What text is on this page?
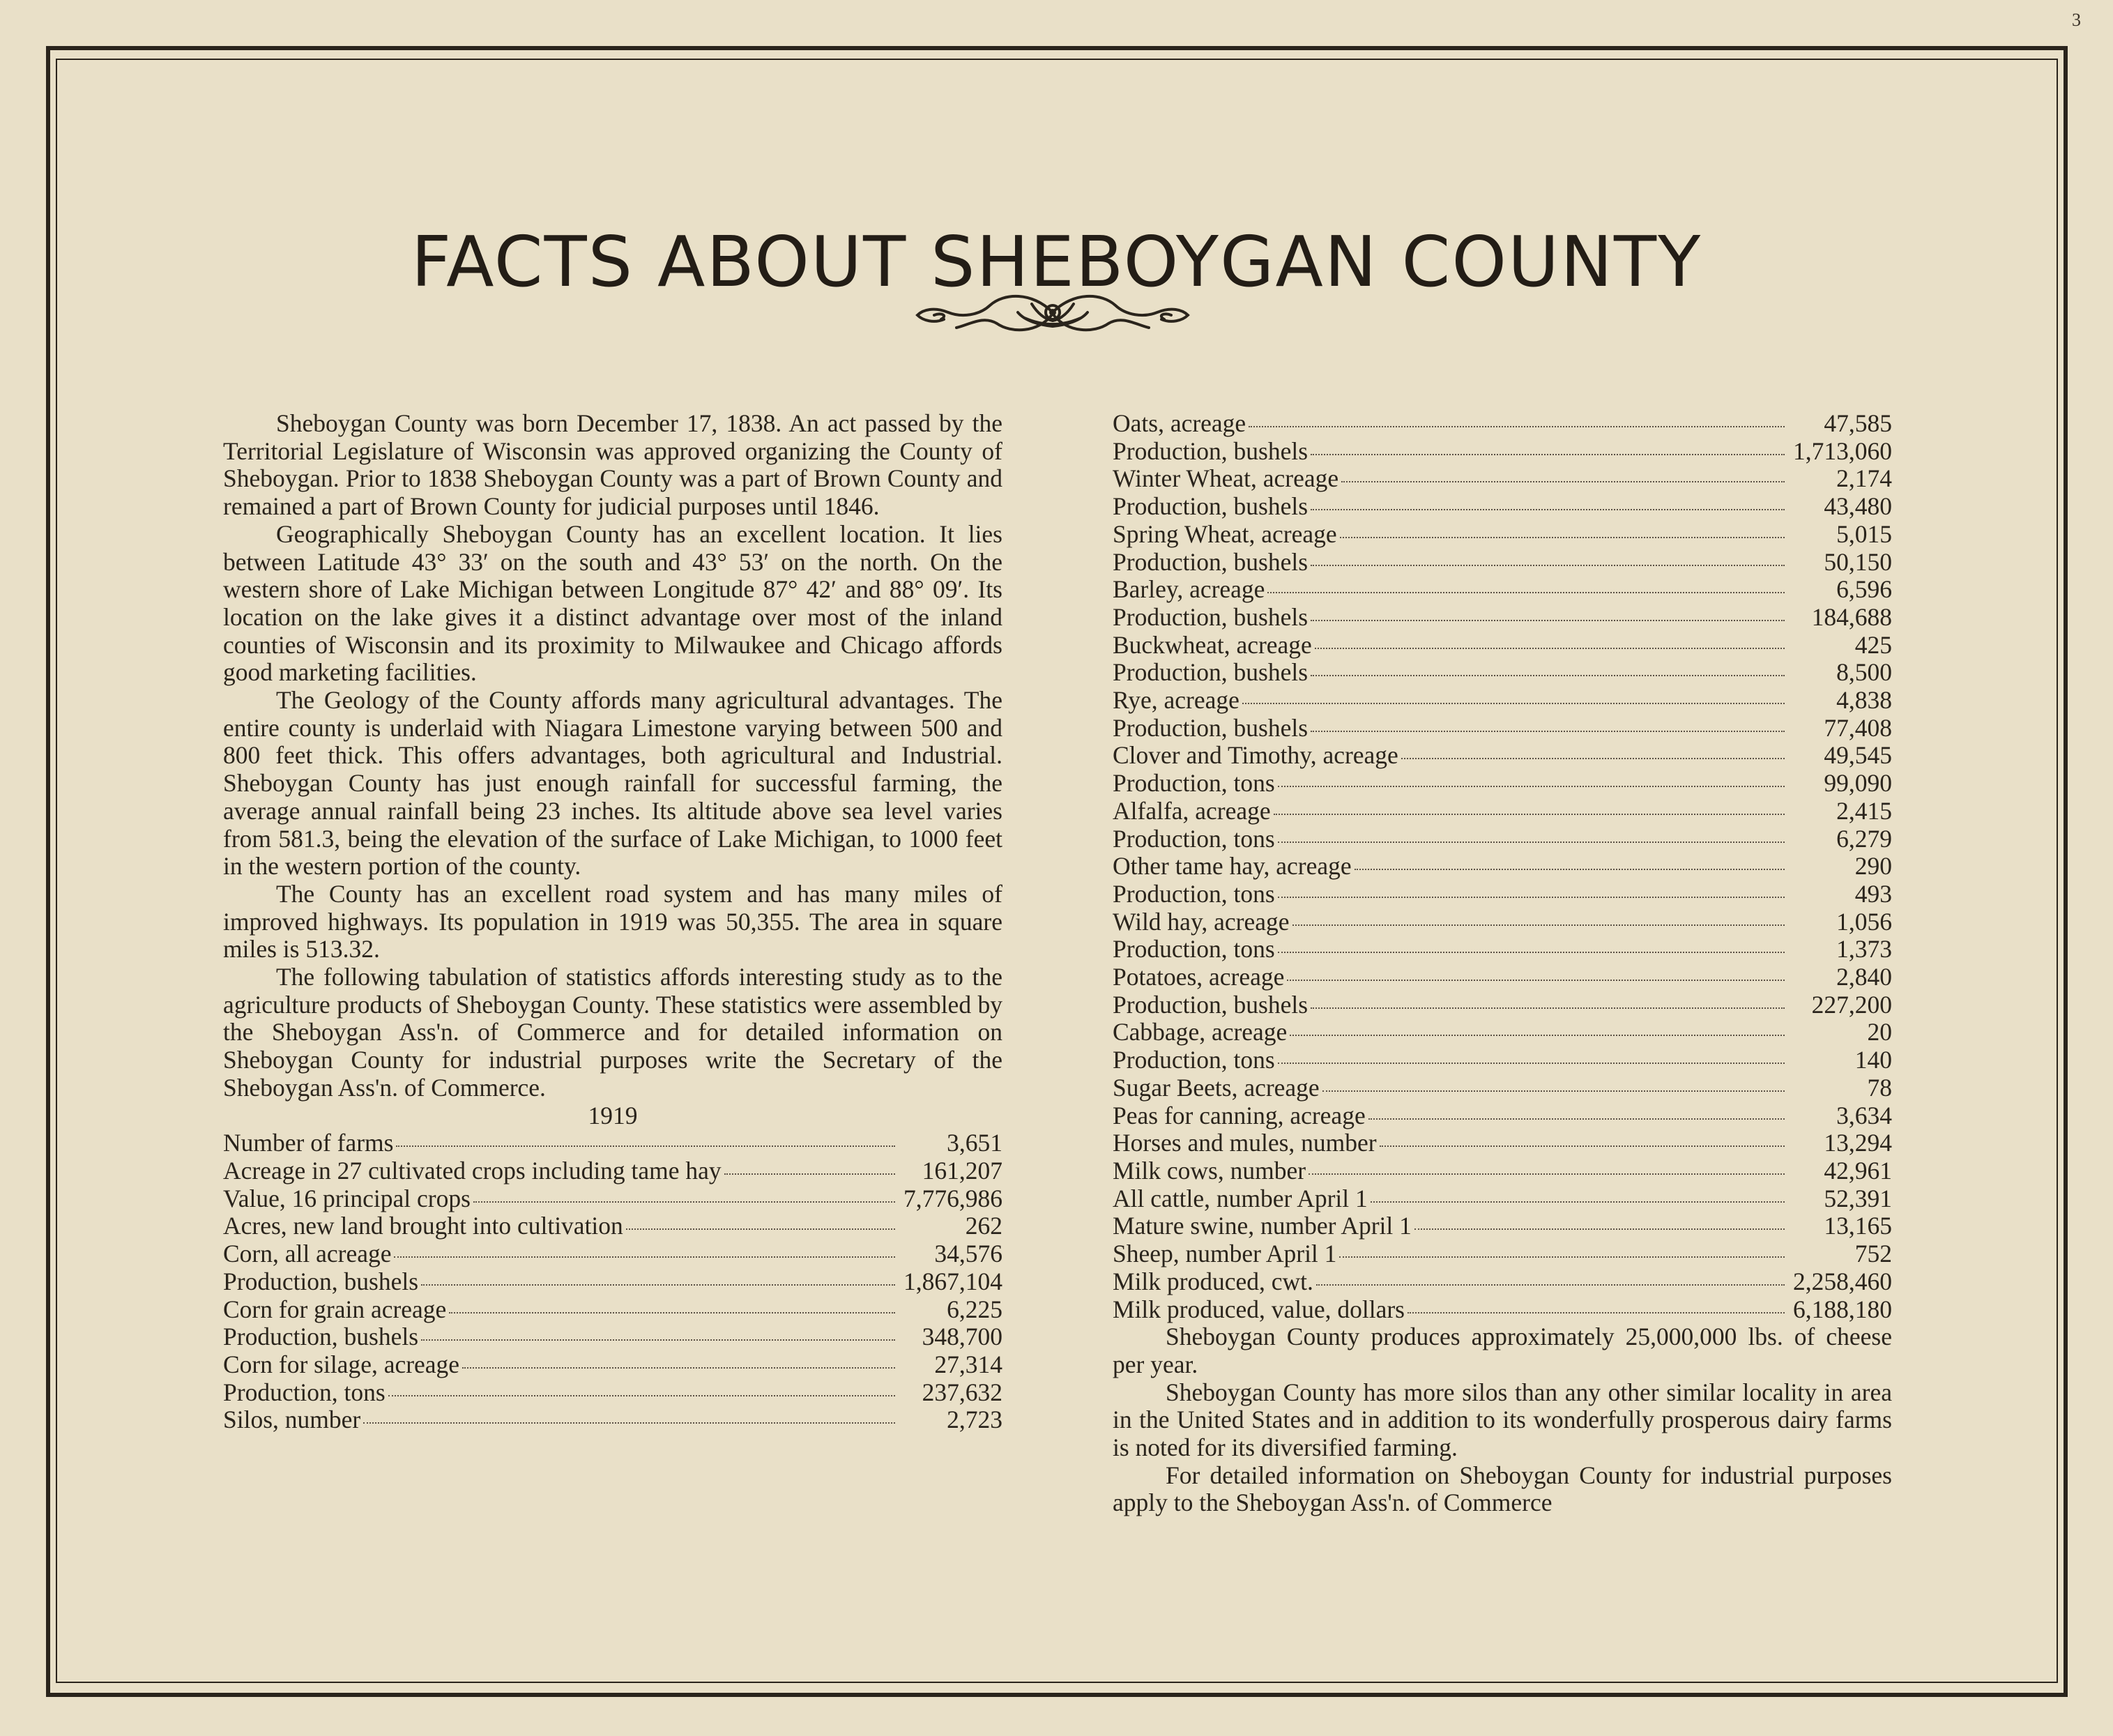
3
FACTS ABOUT SHEBOYGAN COUNTY

Sheboygan County was born December 17, 1838. An act passed by the Territorial Legislature of Wisconsin was approved organizing the County of Sheboygan. Prior to 1838 Sheboygan County was a part of Brown County and remained a part of Brown County for judicial purposes until 1846.

Geographically Sheboygan County has an excellent location. It lies between Latitude 43° 33′ on the south and 43° 53′ on the north. On the western shore of Lake Michigan between Longitude 87° 42′ and 88° 09′. Its location on the lake gives it a distinct advantage over most of the inland counties of Wisconsin and its proximity to Milwaukee and Chicago affords good marketing facilities.

The Geology of the County affords many agricultural advantages. The entire county is underlaid with Niagara Limestone varying between 500 and 800 feet thick. This offers advantages, both agricultural and Industrial. Sheboygan County has just enough rainfall for successful farming, the average annual rainfall being 23 inches. Its altitude above sea level varies from 581.3, being the elevation of the surface of Lake Michigan, to 1000 feet in the western portion of the county.

The County has an excellent road system and has many miles of improved highways. Its population in 1919 was 50,355. The area in square miles is 513.32.

The following tabulation of statistics affords interesting study as to the agriculture products of Sheboygan County. These statistics were assembled by the Sheboygan Ass'n. of Commerce and for detailed information on Sheboygan County for industrial purposes write the Secretary of the Sheboygan Ass'n. of Commerce.

1919

Number of farms	3,651
Acreage in 27 cultivated crops including tame hay	161,207
Value, 16 principal crops	7,776,986
Acres, new land brought into cultivation	262
Corn, all acreage	34,576
Production, bushels	1,867,104
Corn for grain acreage	6,225
Production, bushels	348,700
Corn for silage, acreage	27,314
Production, tons	237,632
Silos, number	2,723
Oats, acreage	47,585
Production, bushels	1,713,060
Winter Wheat, acreage	2,174
Production, bushels	43,480
Spring Wheat, acreage	5,015
Production, bushels	50,150
Barley, acreage	6,596
Production, bushels	184,688
Buckwheat, acreage	425
Production, bushels	8,500
Rye, acreage	4,838
Production, bushels	77,408
Clover and Timothy, acreage	49,545
Production, tons	99,090
Alfalfa, acreage	2,415
Production, tons	6,279
Other tame hay, acreage	290
Production, tons	493
Wild hay, acreage	1,056
Production, tons	1,373
Potatoes, acreage	2,840
Production, bushels	227,200
Cabbage, acreage	20
Production, tons	140
Sugar Beets, acreage	78
Peas for canning, acreage	3,634
Horses and mules, number	13,294
Milk cows, number	42,961
All cattle, number April 1	52,391
Mature swine, number April 1	13,165
Sheep, number April 1	752
Milk produced, cwt.	2,258,460
Milk produced, value, dollars	6,188,180

Sheboygan County produces approximately 25,000,000 lbs. of cheese per year.

Sheboygan County has more silos than any other similar locality in area in the United States and in addition to its wonderfully prosperous dairy farms is noted for its diversified farming.

For detailed information on Sheboygan County for industrial purposes apply to the Sheboygan Ass'n. of Commerce
